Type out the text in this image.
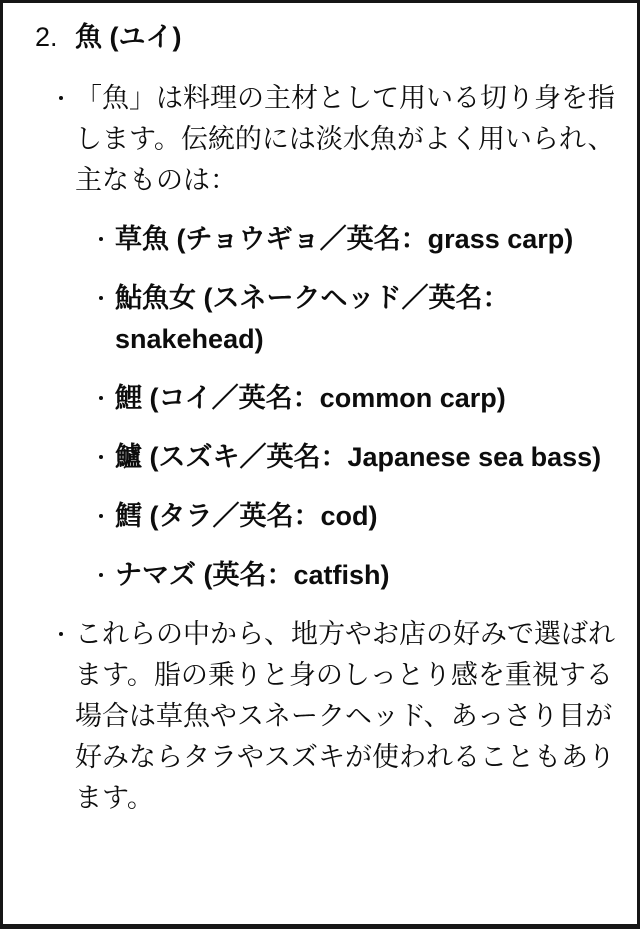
2. 魚 (ユイ)
「魚」は料理の主材として用いる切り身を指します。伝統的には淡水魚がよく用いられ、主なものは：
草魚 (チョウギョ／英名：grass carp)
鮎魚女 (スネークヘッド／英名：snakehead)
鯉 (コイ／英名：common carp)
鱸 (スズキ／英名：Japanese sea bass)
鱈 (タラ／英名：cod)
ナマズ (英名：catfish)
これらの中から、地方やお店の好みで選ばれます。脂の乗りと身のしっとり感を重視する場合は草魚やスネークヘッド、あっさり目が好みならタラやスズキが使われることもあります。
